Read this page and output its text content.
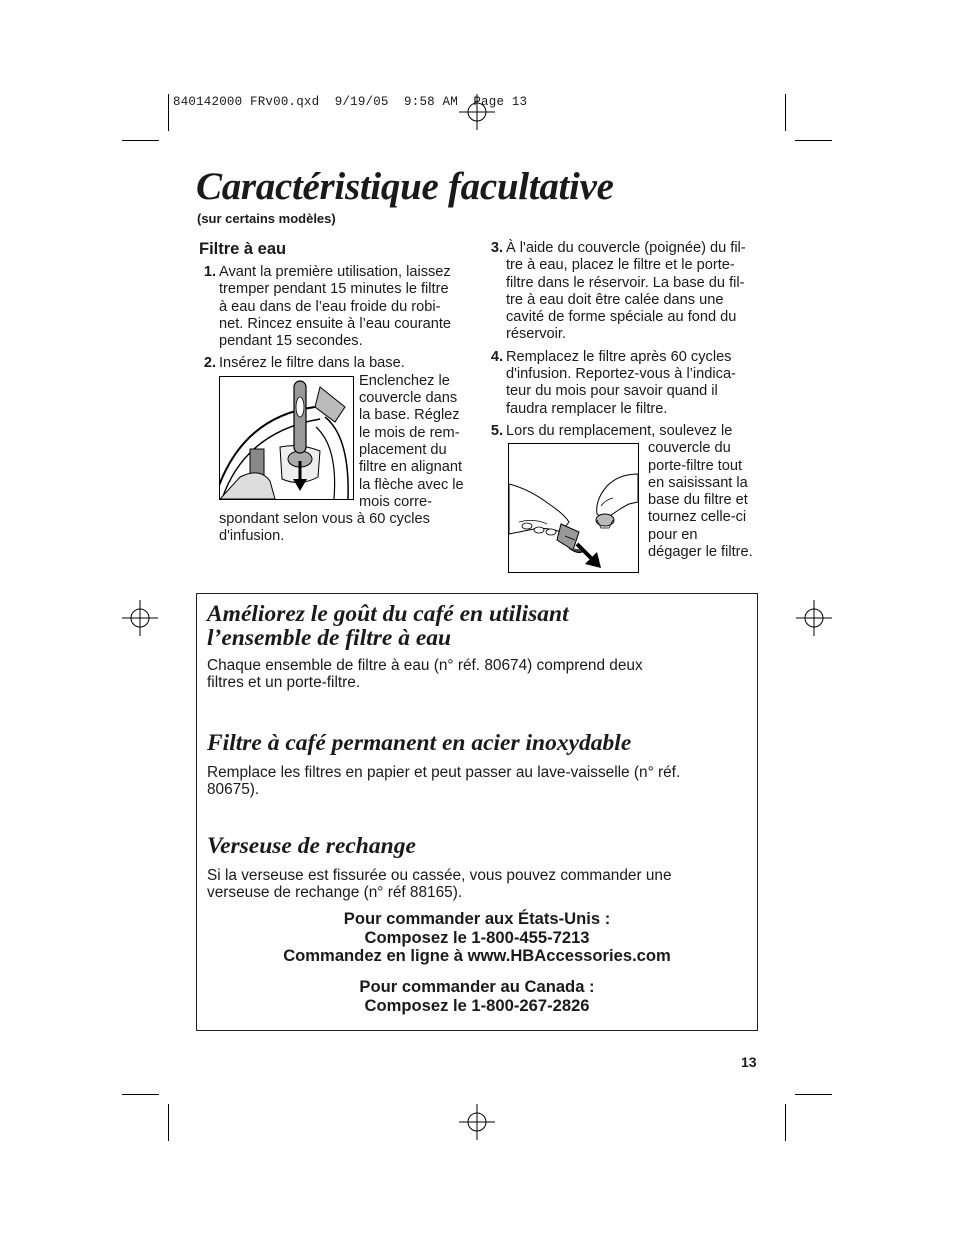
840142000 FRv00.qxd  9/19/05  9:58 AM  Page 13
Caractéristique facultative
(sur certains modèles)
Filtre à eau
1. Avant la première utilisation, laissez
tremper pendant 15 minutes le filtre
à eau dans de l’eau froide du robi-
net. Rincez ensuite à l’eau courante
pendant 15 secondes.
2. Insérez le filtre dans la base.
Enclenchez le
couvercle dans
la base. Réglez
le mois de rem-
placement du
filtre en alignant
la flèche avec le
mois corre-
spondant selon vous à 60 cycles
d'infusion.
3. À l'aide du couvercle (poignée) du fil-
tre à eau, placez le filtre et le porte-
filtre dans le réservoir. La base du fil-
tre à eau doit être calée dans une
cavité de forme spéciale au fond du
réservoir.
4. Remplacez le filtre après 60 cycles
d'infusion. Reportez-vous à l’indica-
teur du mois pour savoir quand il
faudra remplacer le filtre.
5. Lors du remplacement, soulevez le
couvercle du
porte-filtre tout
en saisissant la
base du filtre et
tournez celle-ci
pour en
dégager le filtre.
Améliorez le goût du café en utilisant
l’ensemble de filtre à eau
Chaque ensemble de filtre à eau (n° réf. 80674) comprend deux
filtres et un porte-filtre.
Filtre à café permanent en acier inoxydable
Remplace les filtres en papier et peut passer au lave-vaisselle (n° réf.
80675).
Verseuse de rechange
Si la verseuse est fissurée ou cassée, vous pouvez commander une
verseuse de rechange (n° réf 88165).
Pour commander aux États-Unis :
Composez le 1-800-455-7213
Commandez en ligne à www.HBAccessories.com
Pour commander au Canada :
Composez le 1-800-267-2826
13
